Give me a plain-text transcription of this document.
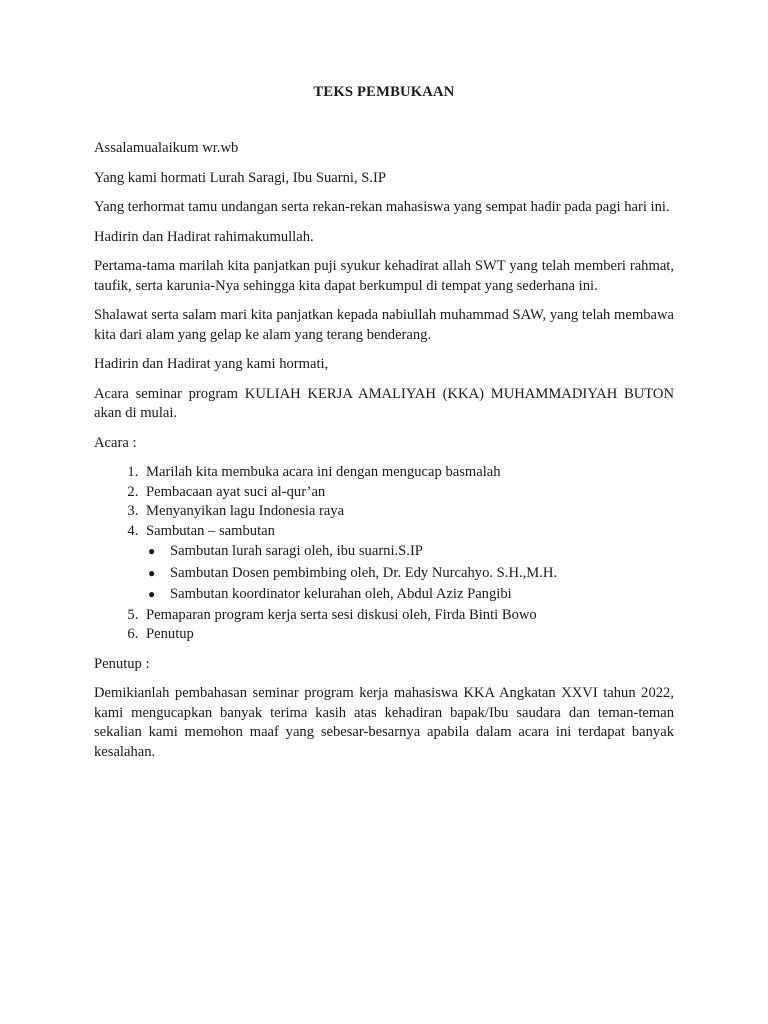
TEKS PEMBUKAAN

Assalamualaikum wr.wb

Yang kami hormati Lurah Saragi, Ibu Suarni, S.IP

Yang terhormat tamu undangan serta rekan-rekan mahasiswa yang sempat hadir pada pagi hari ini.

Hadirin dan Hadirat rahimakumullah.

Pertama-tama marilah kita panjatkan puji syukur kehadirat allah SWT yang telah memberi rahmat, taufik, serta karunia-Nya sehingga kita dapat berkumpul di tempat yang sederhana ini.

Shalawat serta salam mari kita panjatkan kepada nabiullah muhammad SAW, yang telah membawa kita dari alam yang gelap ke alam yang terang benderang.

Hadirin dan Hadirat yang kami hormati,

Acara seminar program KULIAH KERJA AMALIYAH (KKA) MUHAMMADIYAH BUTON akan di mulai.

Acara :

1. Marilah kita membuka acara ini dengan mengucap basmalah
2. Pembacaan ayat suci al-qur’an
3. Menyanyikan lagu Indonesia raya
4. Sambutan – sambutan
● Sambutan lurah saragi oleh, ibu suarni.S.IP
● Sambutan Dosen pembimbing oleh, Dr. Edy Nurcahyo. S.H.,M.H.
● Sambutan koordinator kelurahan oleh, Abdul Aziz Pangibi
5. Pemaparan program kerja serta sesi diskusi oleh, Firda Binti Bowo
6. Penutup

Penutup :

Demikianlah pembahasan seminar program kerja mahasiswa KKA Angkatan XXVI tahun 2022, kami mengucapkan banyak terima kasih atas kehadiran bapak/Ibu saudara dan teman-teman sekalian kami memohon maaf yang sebesar-besarnya apabila dalam acara ini terdapat banyak kesalahan.
